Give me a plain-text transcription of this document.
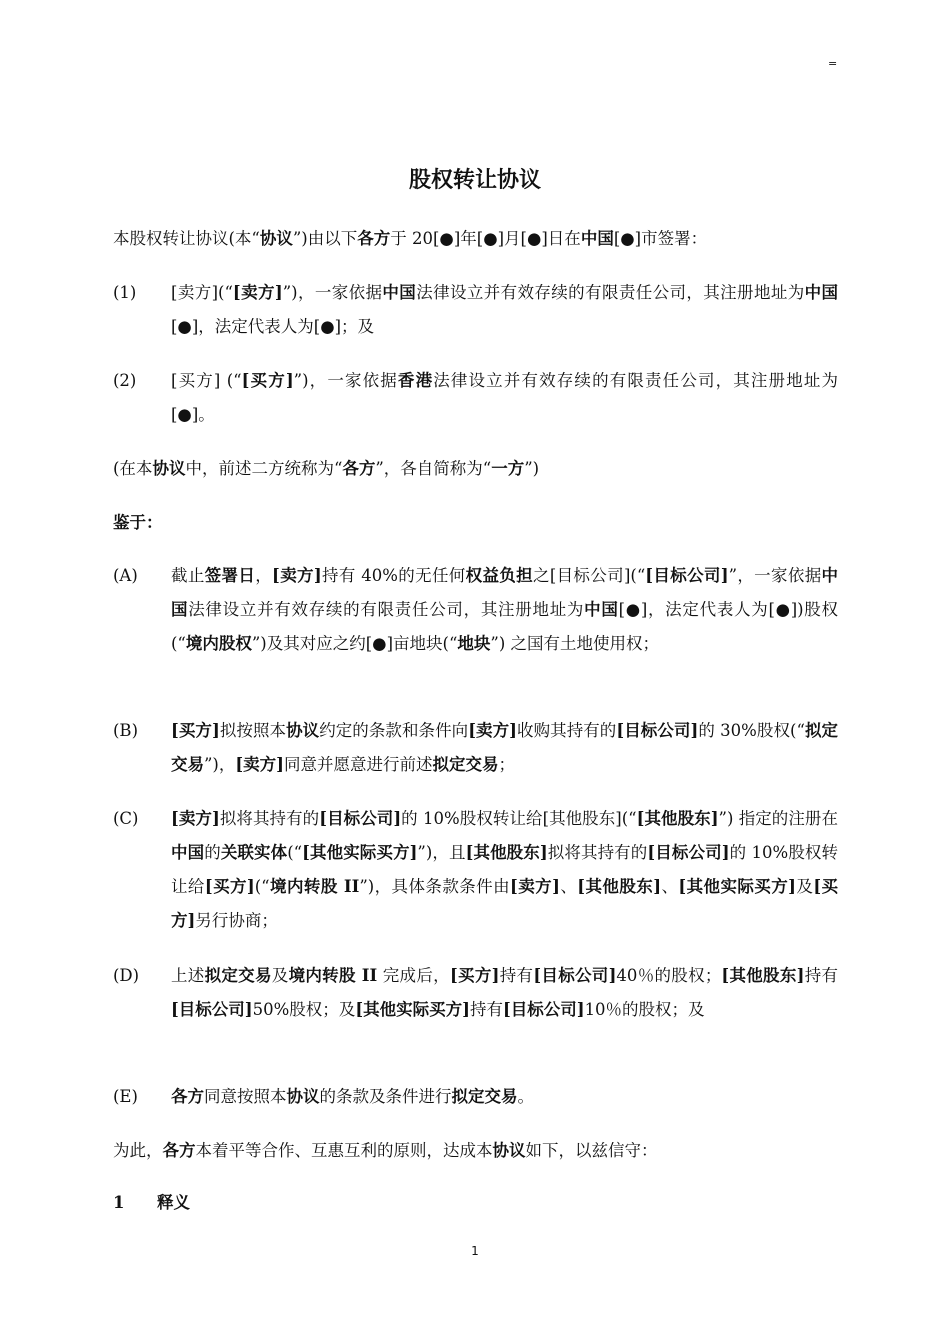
=
股权转让协议
本股权转让协议(本“协议”)由以下各方于 20[●]年[●]月[●]日在中国[●]市签署：
(1) [卖方](“[卖方]”)，一家依据中国法律设立并有效存续的有限责任公司，其注册地址为中国[●]，法定代表人为[●]；及
(2) [买方] (“[买方]”)，一家依据香港法律设立并有效存续的有限责任公司，其注册地址为[●]。
(在本协议中，前述二方统称为“各方”，各自简称为“一方”)
鉴于：
(A) 截止签署日，[卖方]持有 40%的无任何权益负担之[目标公司](“[目标公司]”，一家依据中国法律设立并有效存续的有限责任公司，其注册地址为中国[●]，法定代表人为[●])股权(“境内股权”)及其对应之约[●]亩地块(“地块”) 之国有土地使用权；
(B) [买方]拟按照本协议约定的条款和条件向[卖方]收购其持有的[目标公司]的 30%股权(“拟定交易”)，[卖方]同意并愿意进行前述拟定交易；
(C) [卖方]拟将其持有的[目标公司]的 10%股权转让给[其他股东](“[其他股东]”) 指定的注册在中国的关联实体(“[其他实际买方]”)，且[其他股东]拟将其持有的[目标公司]的 10%股权转让给[买方](“境内转股 II”)，具体条款条件由[卖方]、[其他股东]、[其他实际买方]及[买方]另行协商；
(D) 上述拟定交易及境内转股 II 完成后，[买方]持有[目标公司]40％的股权；[其他股东]持有[目标公司]50%股权；及[其他实际买方]持有[目标公司]10％的股权；及
(E) 各方同意按照本协议的条款及条件进行拟定交易。
为此，各方本着平等合作、互惠互利的原则，达成本协议如下，以兹信守：
1 释义
1
